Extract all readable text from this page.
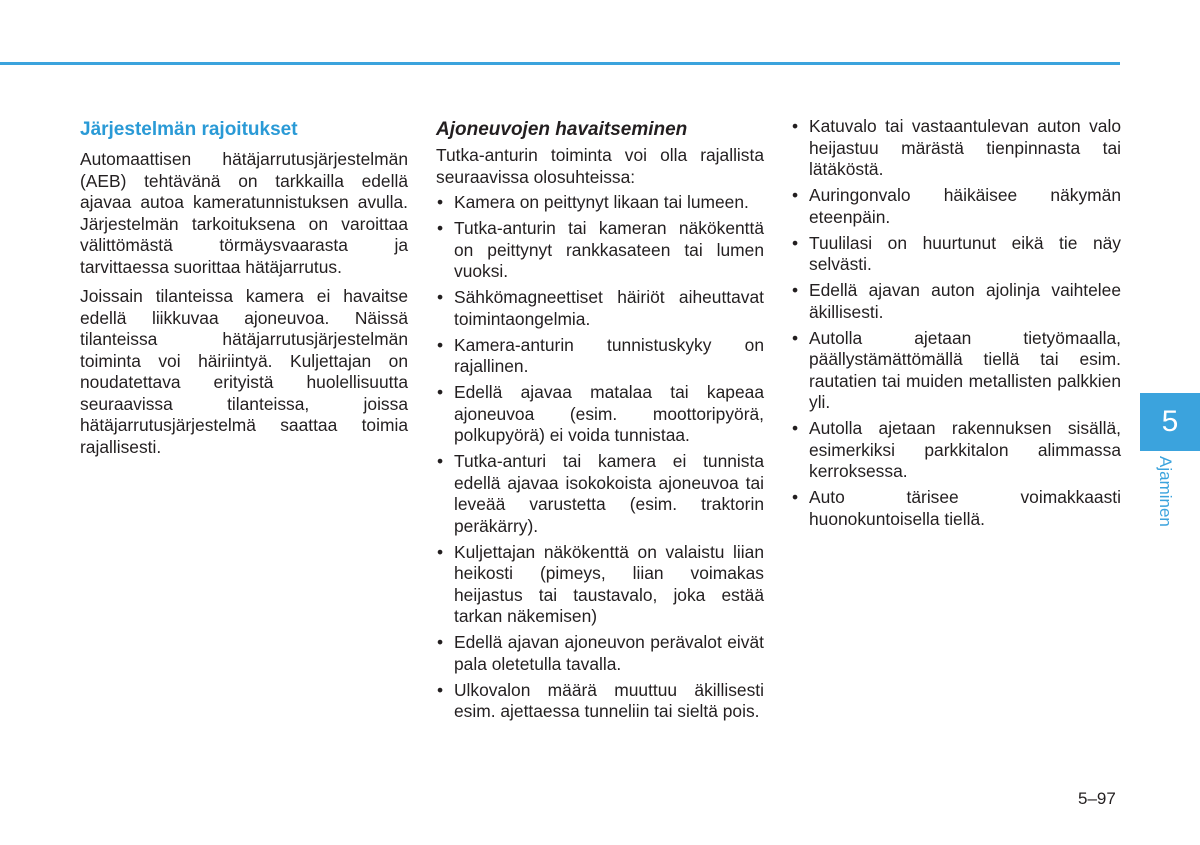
Järjestelmän rajoitukset

Automaattisen hätäjarrutusjärjestelmän (AEB) tehtävänä on tarkkailla edellä ajavaa autoa kameratunnistuksen avulla. Järjestelmän tarkoituksena on varoittaa välittömästä törmäysvaarasta ja tarvittaessa suorittaa hätäjarrutus.

Joissain tilanteissa kamera ei havaitse edellä liikkuvaa ajoneuvoa. Näissä tilanteissa hätäjarrutusjärjestelmän toiminta voi häiriintyä. Kuljettajan on noudatettava erityistä huolellisuutta seuraavissa tilanteissa, joissa hätäjarrutusjärjestelmä saattaa toimia rajallisesti.

Ajoneuvojen havaitseminen

Tutka-anturin toiminta voi olla rajallista seuraavissa olosuhteissa:

• Kamera on peittynyt likaan tai lumeen.
• Tutka-anturin tai kameran näkökenttä on peittynyt rankkasateen tai lumen vuoksi.
• Sähkömagneettiset häiriöt aiheuttavat toimintaongelmia.
• Kamera-anturin tunnistuskyky on rajallinen.
• Edellä ajavaa matalaa tai kapeaa ajoneuvoa (esim. moottoripyörä, polkupyörä) ei voida tunnistaa.
• Tutka-anturi tai kamera ei tunnista edellä ajavaa isokokoista ajoneuvoa tai leveää varustetta (esim. traktorin peräkärry).
• Kuljettajan näkökenttä on valaistu liian heikosti (pimeys, liian voimakas heijastus tai taustavalo, joka estää tarkan näkemisen)
• Edellä ajavan ajoneuvon perävalot eivät pala oletetulla tavalla.
• Ulkovalon määrä muuttuu äkillisesti esim. ajettaessa tunneliin tai sieltä pois.
• Katuvalo tai vastaantulevan auton valo heijastuu märästä tienpinnasta tai lätäköstä.
• Auringonvalo häikäisee näkymän eteenpäin.
• Tuulilasi on huurtunut eikä tie näy selvästi.
• Edellä ajavan auton ajolinja vaihtelee äkillisesti.
• Autolla ajetaan tietyömaalla, päällystämättömällä tiellä tai esim. rautatien tai muiden metallisten palkkien yli.
• Autolla ajetaan rakennuksen sisällä, esimerkiksi parkkitalon alimmassa kerroksessa.
• Auto tärisee voimakkaasti huonokuntoisella tiellä.
5
Ajaminen
5–97
